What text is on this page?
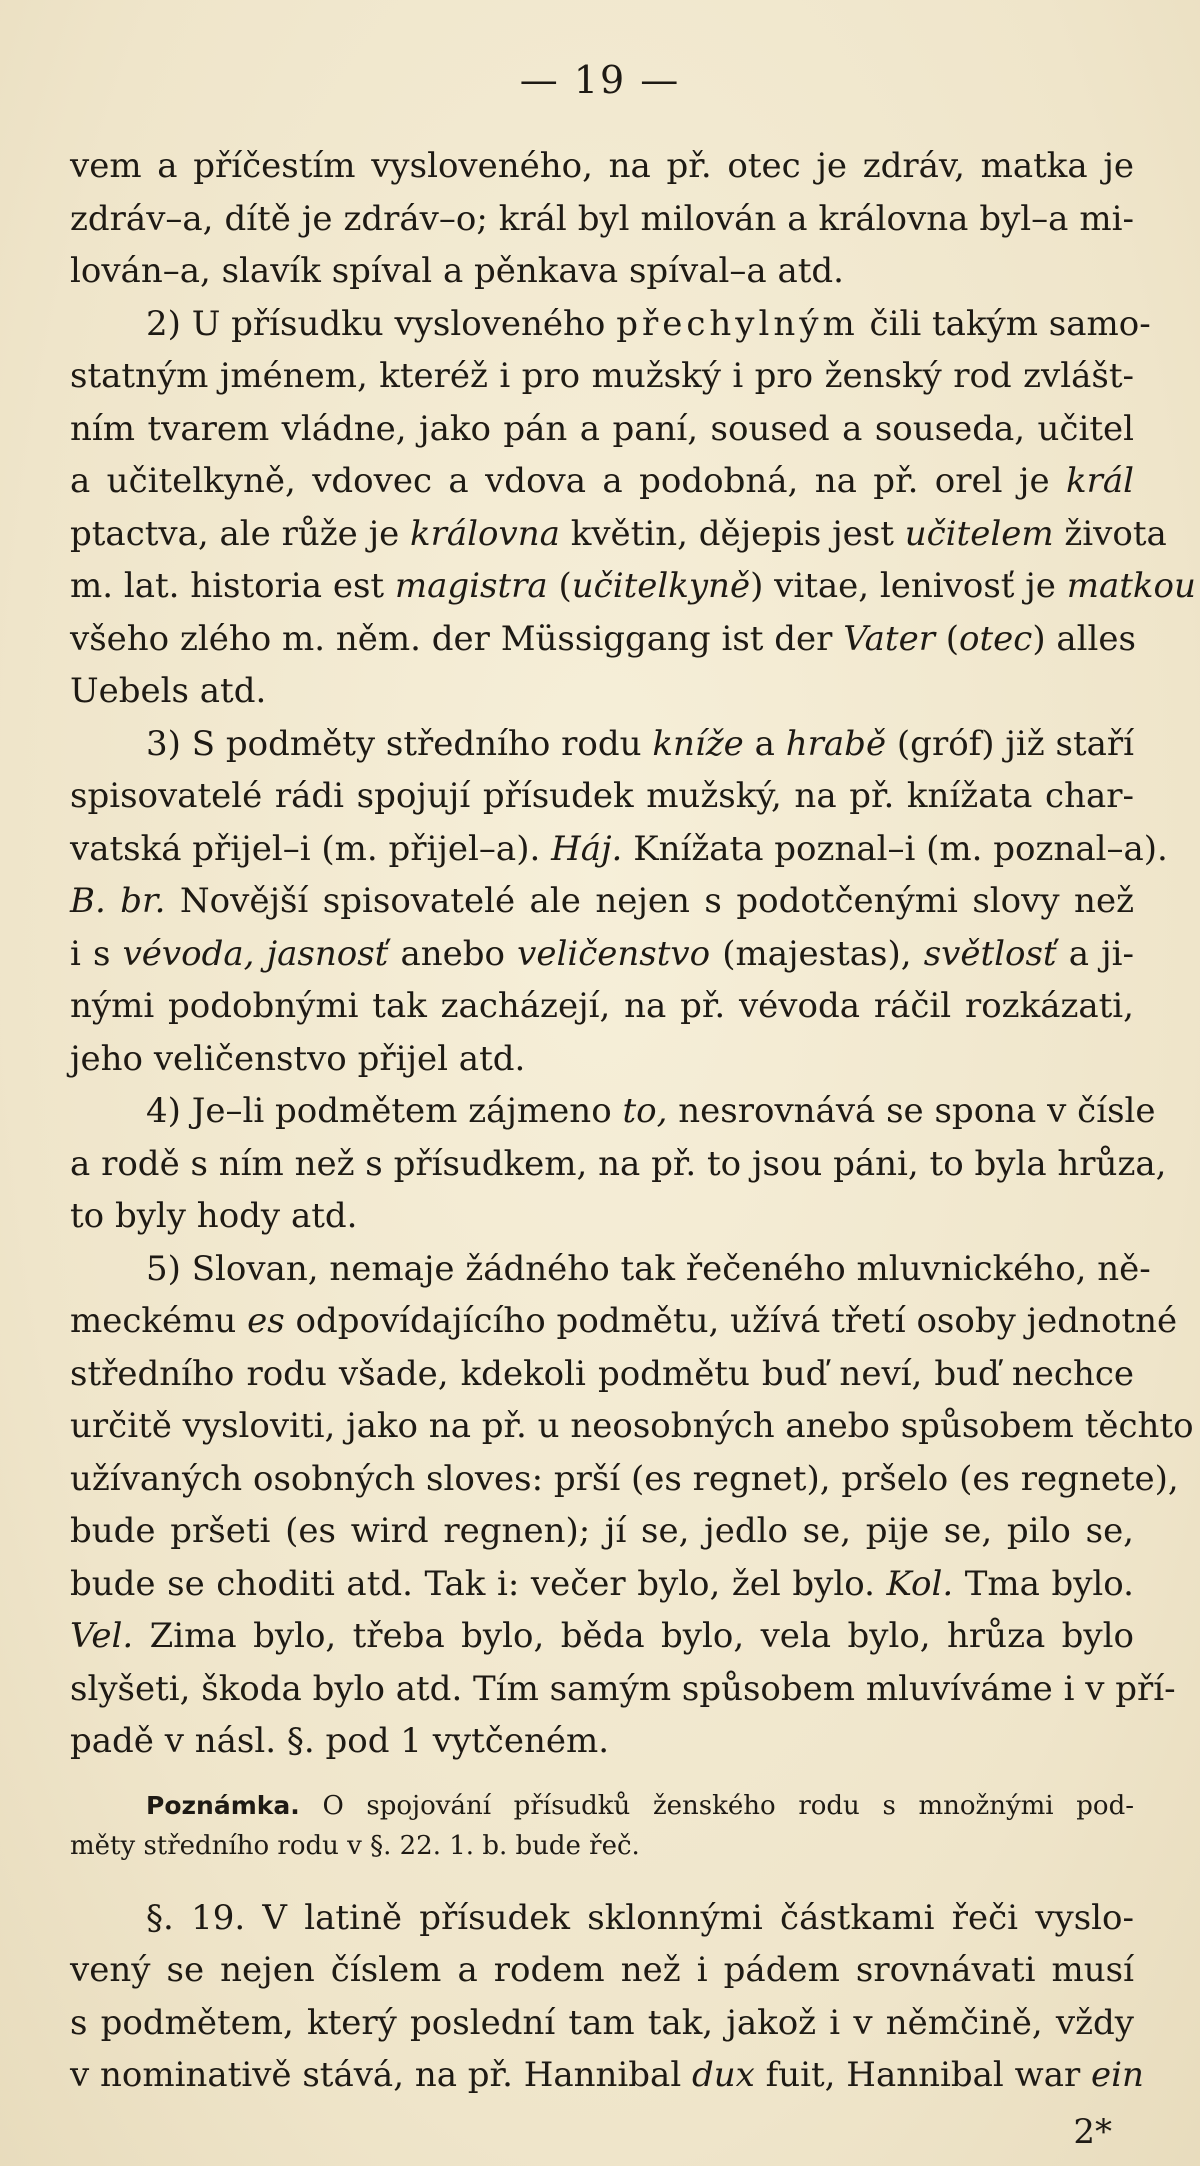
— 19 —
vem a příčestím vysloveného, na př. otec je zdráv, matka je
zdráv–a, dítě je zdráv–o; král byl milován a královna byl–a mi-
lován–a, slavík spíval a pěnkava spíval–a atd.
2) U přísudku vysloveného přechylným čili takým samo-
statným jménem, kteréž i pro mužský i pro ženský rod zvlášt-
ním tvarem vládne, jako pán a paní, soused a souseda, učitel
a učitelkyně, vdovec a vdova a podobná, na př. orel je král
ptactva, ale růže je královna květin, dějepis jest učitelem života
m. lat. historia est magistra (učitelkyně) vitae, lenivosť je matkou
všeho zlého m. něm. der Müssiggang ist der Vater (otec) alles
Uebels atd.
3) S podměty středního rodu kníže a hrabě (gróf) již staří
spisovatelé rádi spojují přísudek mužský, na př. knížata char-
vatská přijel–i (m. přijel–a). Háj. Knížata poznal–i (m. poznal–a).
B. br. Novější spisovatelé ale nejen s podotčenými slovy než
i s vévoda, jasnosť anebo veličenstvo (majestas), světlosť a ji-
nými podobnými tak zacházejí, na př. vévoda ráčil rozkázati,
jeho veličenstvo přijel atd.
4) Je–li podmětem zájmeno to, nesrovnává se spona v čísle
a rodě s ním než s přísudkem, na př. to jsou páni, to byla hrůza,
to byly hody atd.
5) Slovan, nemaje žádného tak řečeného mluvnického, ně-
meckému es odpovídajícího podmětu, užívá třetí osoby jednotné
středního rodu všade, kdekoli podmětu buď neví, buď nechce
určitě vysloviti, jako na př. u neosobných anebo spůsobem těchto
užívaných osobných sloves: prší (es regnet), pršelo (es regnete),
bude pršeti (es wird regnen); jí se, jedlo se, pije se, pilo se,
bude se choditi atd. Tak i: večer bylo, žel bylo. Kol. Tma bylo.
Vel. Zima bylo, třeba bylo, běda bylo, vela bylo, hrůza bylo
slyšeti, škoda bylo atd. Tím samým spůsobem mluvíváme i v pří-
padě v násl. §. pod 1 vytčeném.
Poznámka. O spojování přísudků ženského rodu s množnými pod-
měty středního rodu v §. 22. 1. b. bude řeč.
§. 19. V latině přísudek sklonnými částkami řeči vyslo-
vený se nejen číslem a rodem než i pádem srovnávati musí
s podmětem, který poslední tam tak, jakož i v němčině, vždy
v nominativě stává, na př. Hannibal dux fuit, Hannibal war ein
2*
